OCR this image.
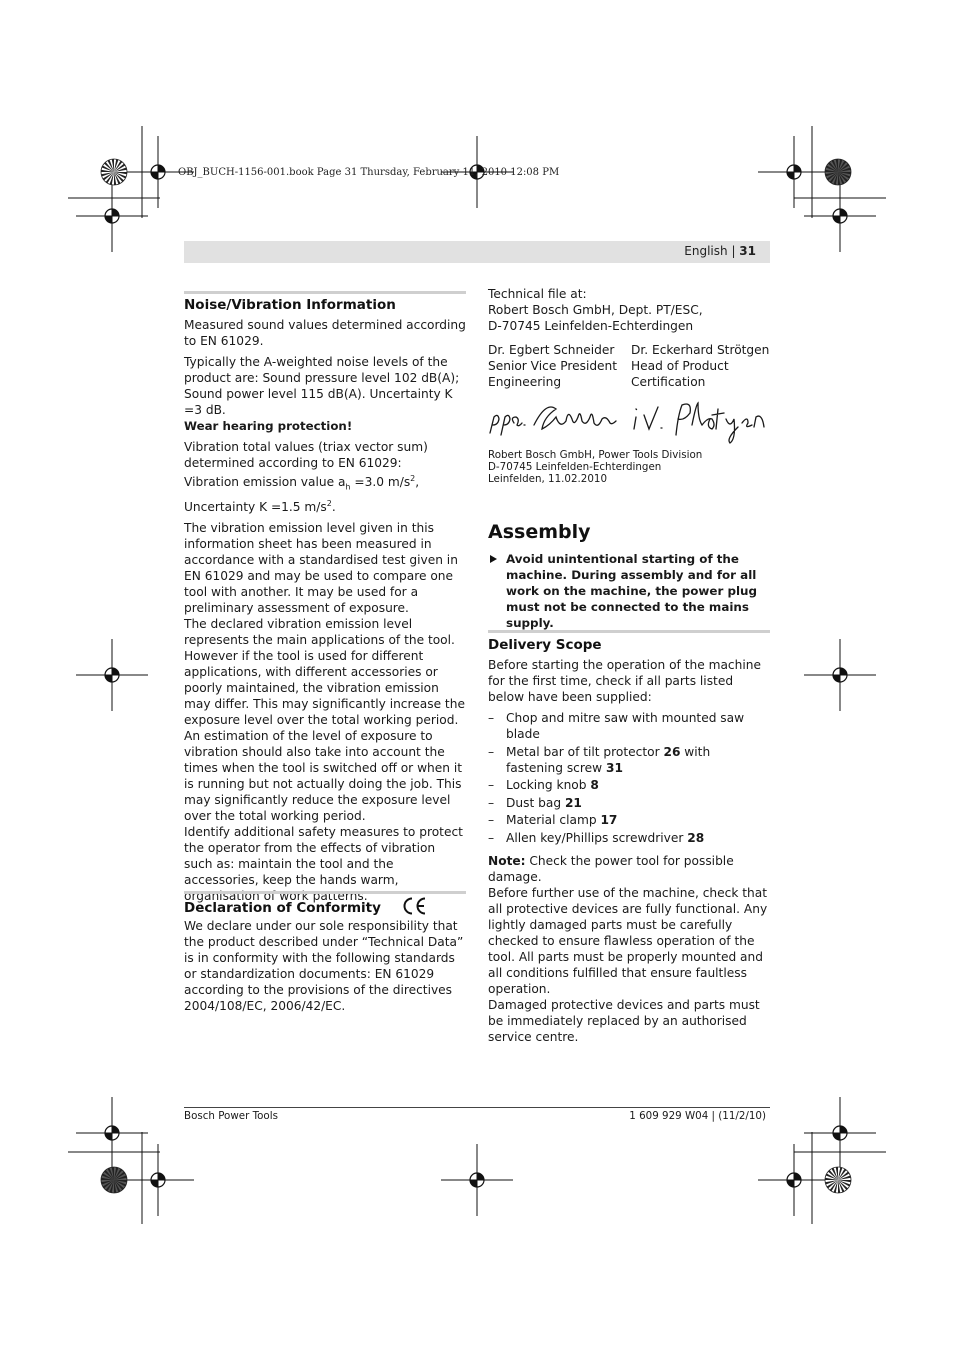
OBJ_BUCH-1156-001.book Page 31 Thursday, February 11, 2010 12:08 PM
English | 31
Noise/Vibration Information

Measured sound values determined according to EN 61029.

Typically the A-weighted noise levels of the product are: Sound pressure level 102 dB(A); Sound power level 115 dB(A). Uncertainty K =3 dB.

Wear hearing protection!

Vibration total values (triax vector sum) determined according to EN 61029:

Vibration emission value $a_h =3.0$ $m/s^2$, Uncertainty K =1.5 $m/s^2$.

The vibration emission level given in this information sheet has been measured in accordance with a standardised test given in EN 61029 and may be used to compare one tool with another. It may be used for a preliminary assessment of exposure.

The declared vibration emission level represents the main applications of the tool. However if the tool is used for different applications, with different accessories or poorly maintained, the vibration emission may differ. This may significantly increase the exposure level over the total working period.

An estimation of the level of exposure to vibration should also take into account the times when the tool is switched off or when it is running but not actually doing the job. This may significantly reduce the exposure level over the total working period.

Identify additional safety measures to protect the operator from the effects of vibration such as: maintain the tool and the accessories, keep the hands warm, organisation of work patterns.

Declaration of Conformity

We declare under our sole responsibility that the product described under “Technical Data” is in conformity with the following standards or standardization documents: EN 61029 according to the provisions of the directives 2004/108/EC, 2006/42/EC.

Technical file at:

Robert Bosch GmbH, Dept. PT/ESC,

D-70745 Leinfelden-Echterdingen

Dr. Egbert Schneider

Senior Vice President

Engineering

Dr. Eckerhard Strötgen

Head of Product

Certification

Robert Bosch GmbH, Power Tools Division

D-70745 Leinfelden-Echterdingen

Leinfelden, 11.02.2010

Assembly
Avoid unintentional starting of the machine. During assembly and for all work on the machine, the power plug must not be connected to the mains supply.
Delivery Scope

Before starting the operation of the machine for the first time, check if all parts listed below have been supplied:

– Chop and mitre saw with mounted saw blade
– Metal bar of tilt protector 26 with fastening screw 31
– Locking knob 8
– Dust bag 21
– Material clamp 17
– Allen key/Phillips screwdriver 28

Note: Check the power tool for possible damage.

Before further use of the machine, check that all protective devices are fully functional. Any lightly damaged parts must be carefully checked to ensure flawless operation of the tool. All parts must be properly mounted and all conditions fulfilled that ensure faultless operation.

Damaged protective devices and parts must be immediately replaced by an authorised service centre.

Bosch Power Tools	1 609 929 W04 | (11/2/10)
